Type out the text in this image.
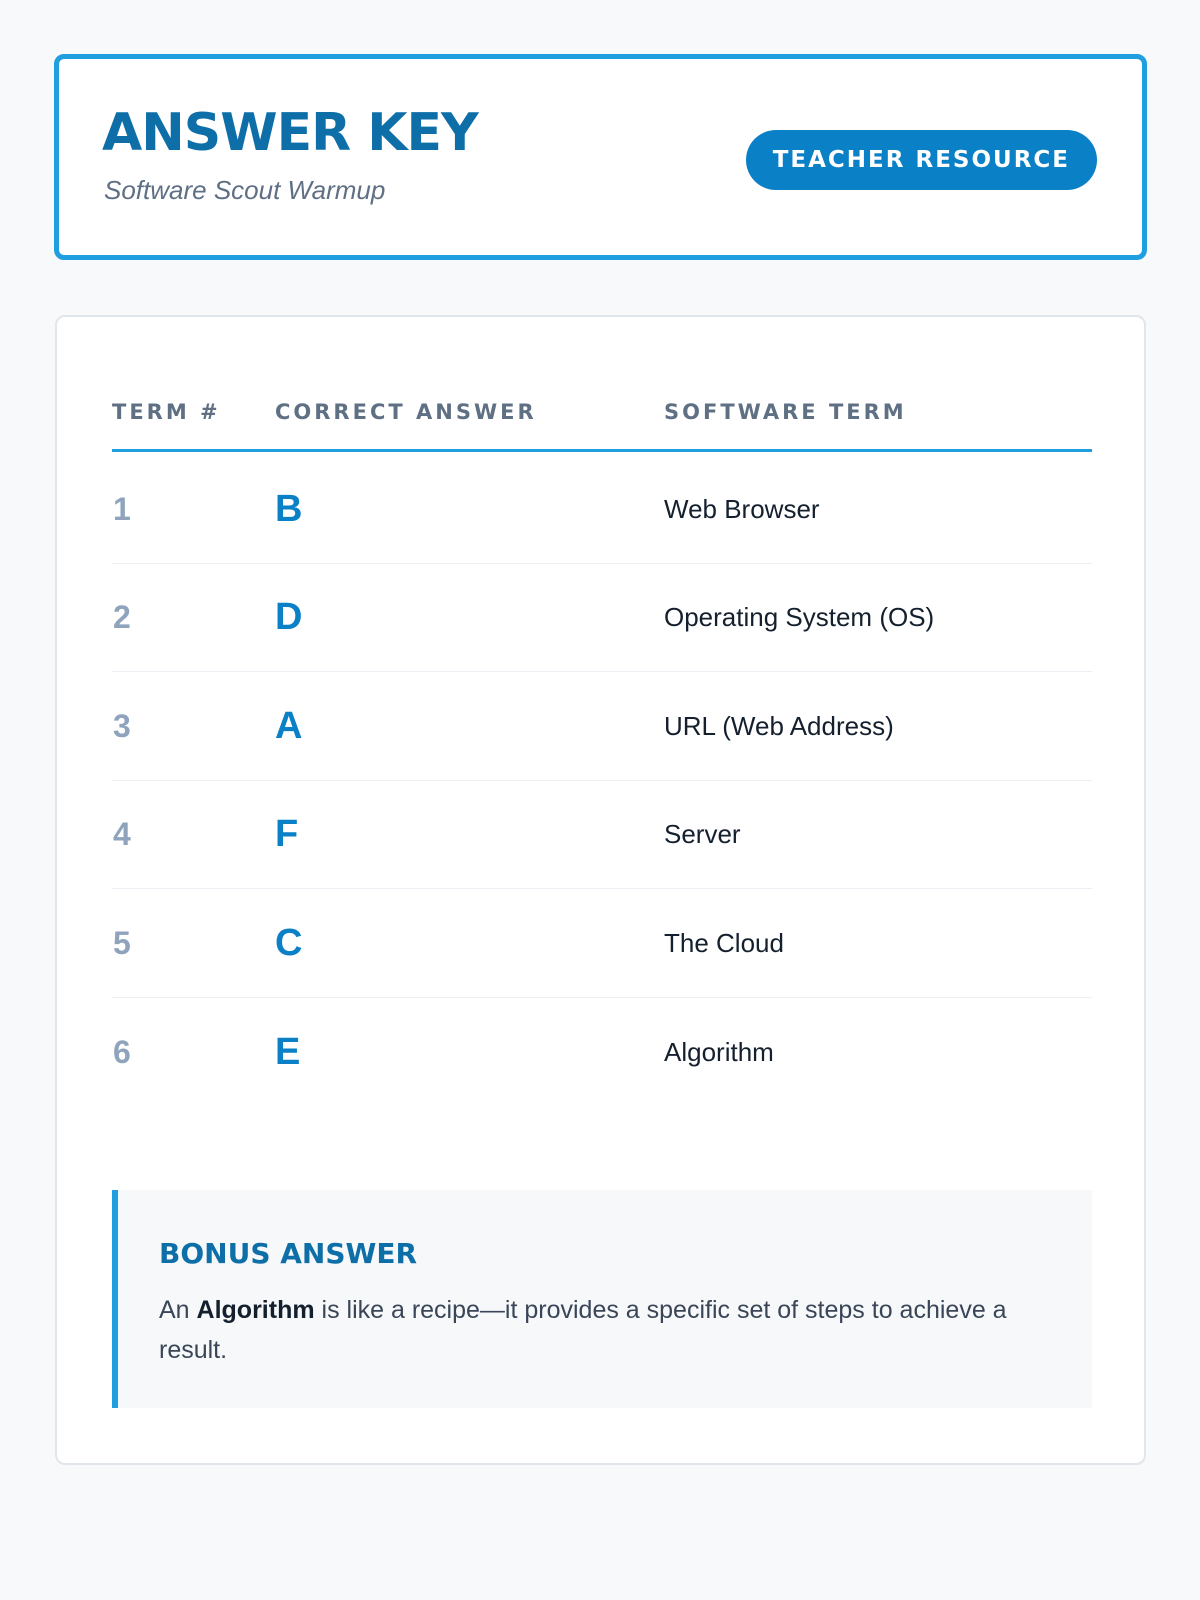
ANSWER KEY
Software Scout Warmup
TEACHER RESOURCE
TERM #	CORRECT ANSWER	SOFTWARE TERM
1	B	Web Browser
2	D	Operating System (OS)
3	A	URL (Web Address)
4	F	Server
5	C	The Cloud
6	E	Algorithm
BONUS ANSWER

An Algorithm is like a recipe—it provides a specific set of steps to achieve a result.
